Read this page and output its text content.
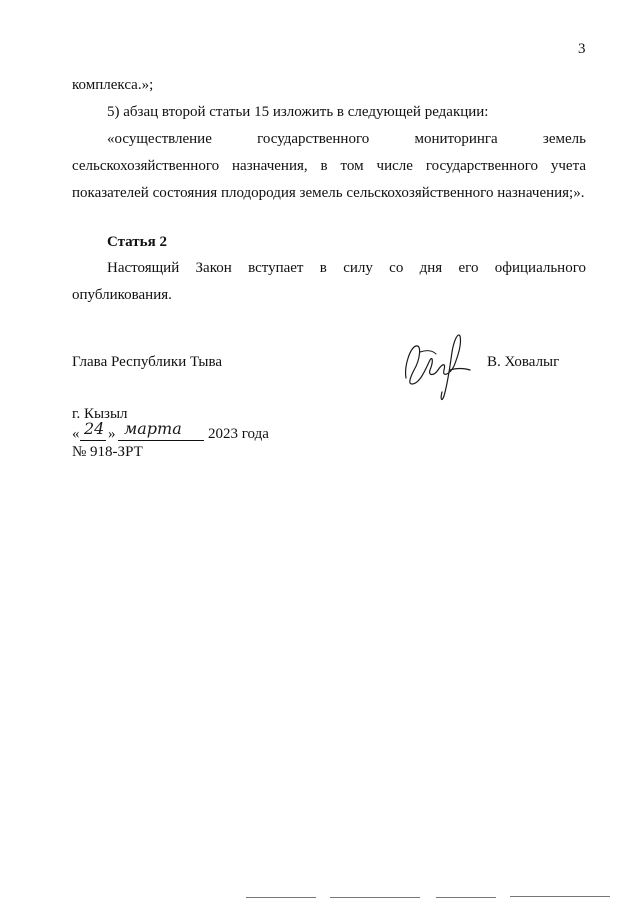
3
комплекса.»;
5) абзац второй статьи 15 изложить в следующей редакции:
«осуществление государственного мониторинга земель
сельскохозяйственного назначения, в том числе государственного учета
показателей состояния плодородия земель сельскохозяйственного назначения;».
Статья 2
Настоящий Закон вступает в силу со дня его официального
опубликования.
Глава Республики Тыва	В. Ховалыг
г. Кызыл
« 24 » марта 2023 года
№ 918-ЗРТ
